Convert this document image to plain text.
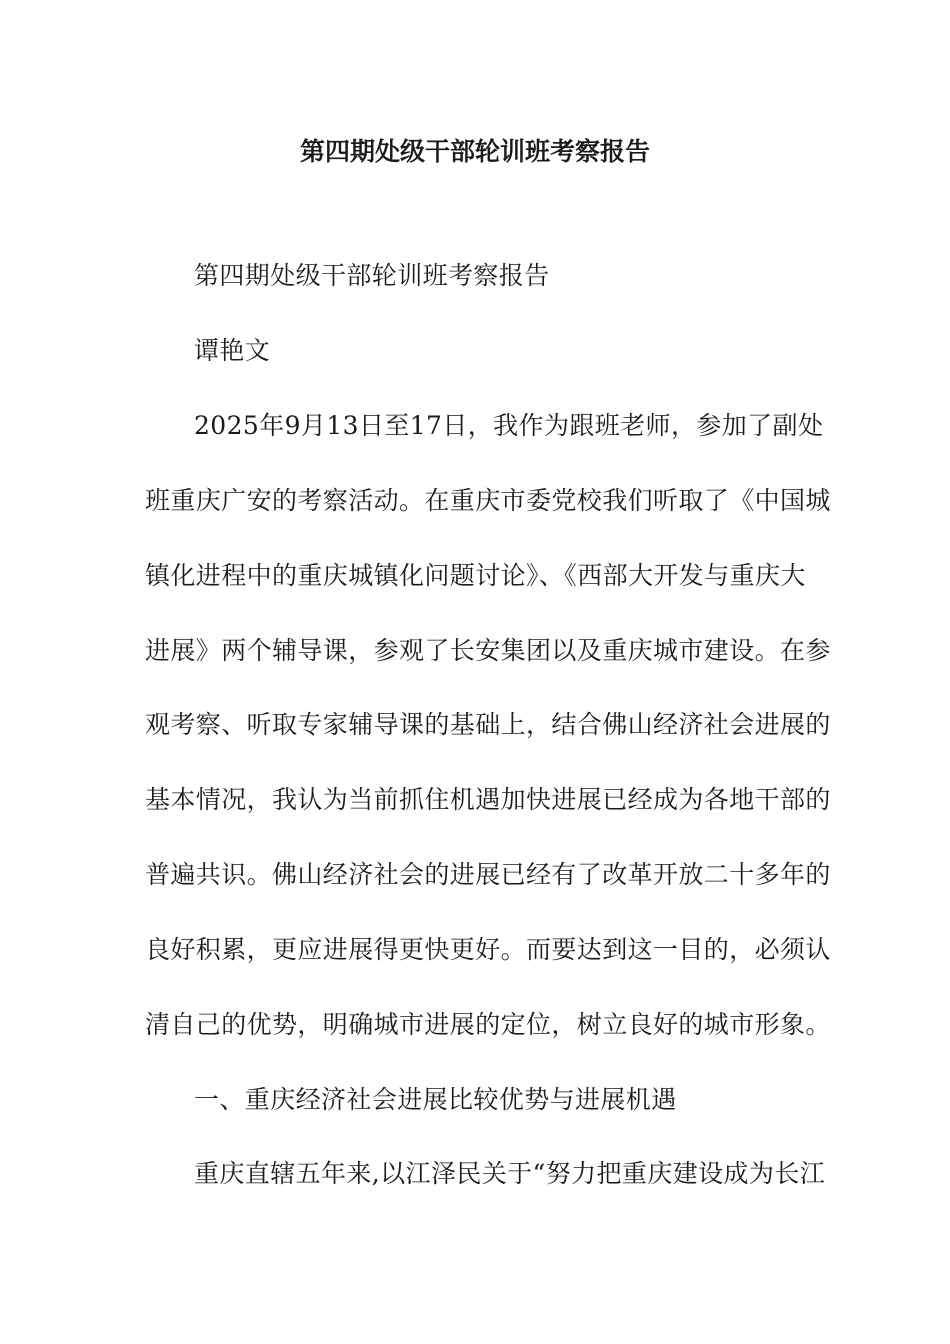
第四期处级干部轮训班考察报告
第四期处级干部轮训班考察报告
谭艳文
2025年9月13日至17日，我作为跟班老师，参加了副处
班重庆广安的考察活动。在重庆市委党校我们听取了《中国城
镇化进程中的重庆城镇化问题讨论》、《西部大开发与重庆大
进展》两个辅导课，参观了长安集团以及重庆城市建设。在参
观考察、听取专家辅导课的基础上，结合佛山经济社会进展的
基本情况，我认为当前抓住机遇加快进展已经成为各地干部的
普遍共识。佛山经济社会的进展已经有了改革开放二十多年的
良好积累，更应进展得更快更好。而要达到这一目的，必须认
清自己的优势，明确城市进展的定位，树立良好的城市形象。
一、重庆经济社会进展比较优势与进展机遇
重庆直辖五年来,以江泽民关于“努力把重庆建设成为长江
